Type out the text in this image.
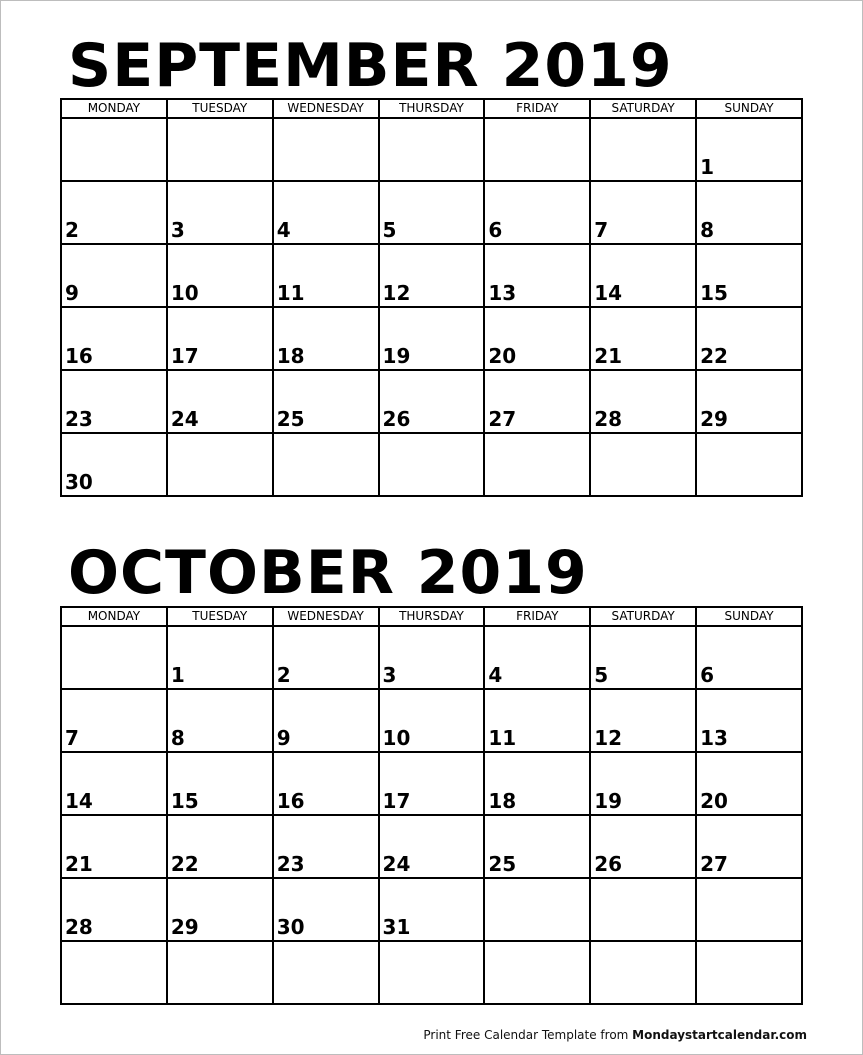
SEPTEMBER 2019
MONDAY	TUESDAY	WEDNESDAY	THURSDAY	FRIDAY	SATURDAY	SUNDAY

						1

2	3	4	5	6	7	8

9	10	11	12	13	14	15

16	17	18	19	20	21	22

23	24	25	26	27	28	29

30						

OCTOBER 2019
MONDAY	TUESDAY	WEDNESDAY	THURSDAY	FRIDAY	SATURDAY	SUNDAY

	1	2	3	4	5	6

7	8	9	10	11	12	13

14	15	16	17	18	19	20

21	22	23	24	25	26	27

28	29	30	31			

Print Free Calendar Template from Mondaystartcalendar.com
